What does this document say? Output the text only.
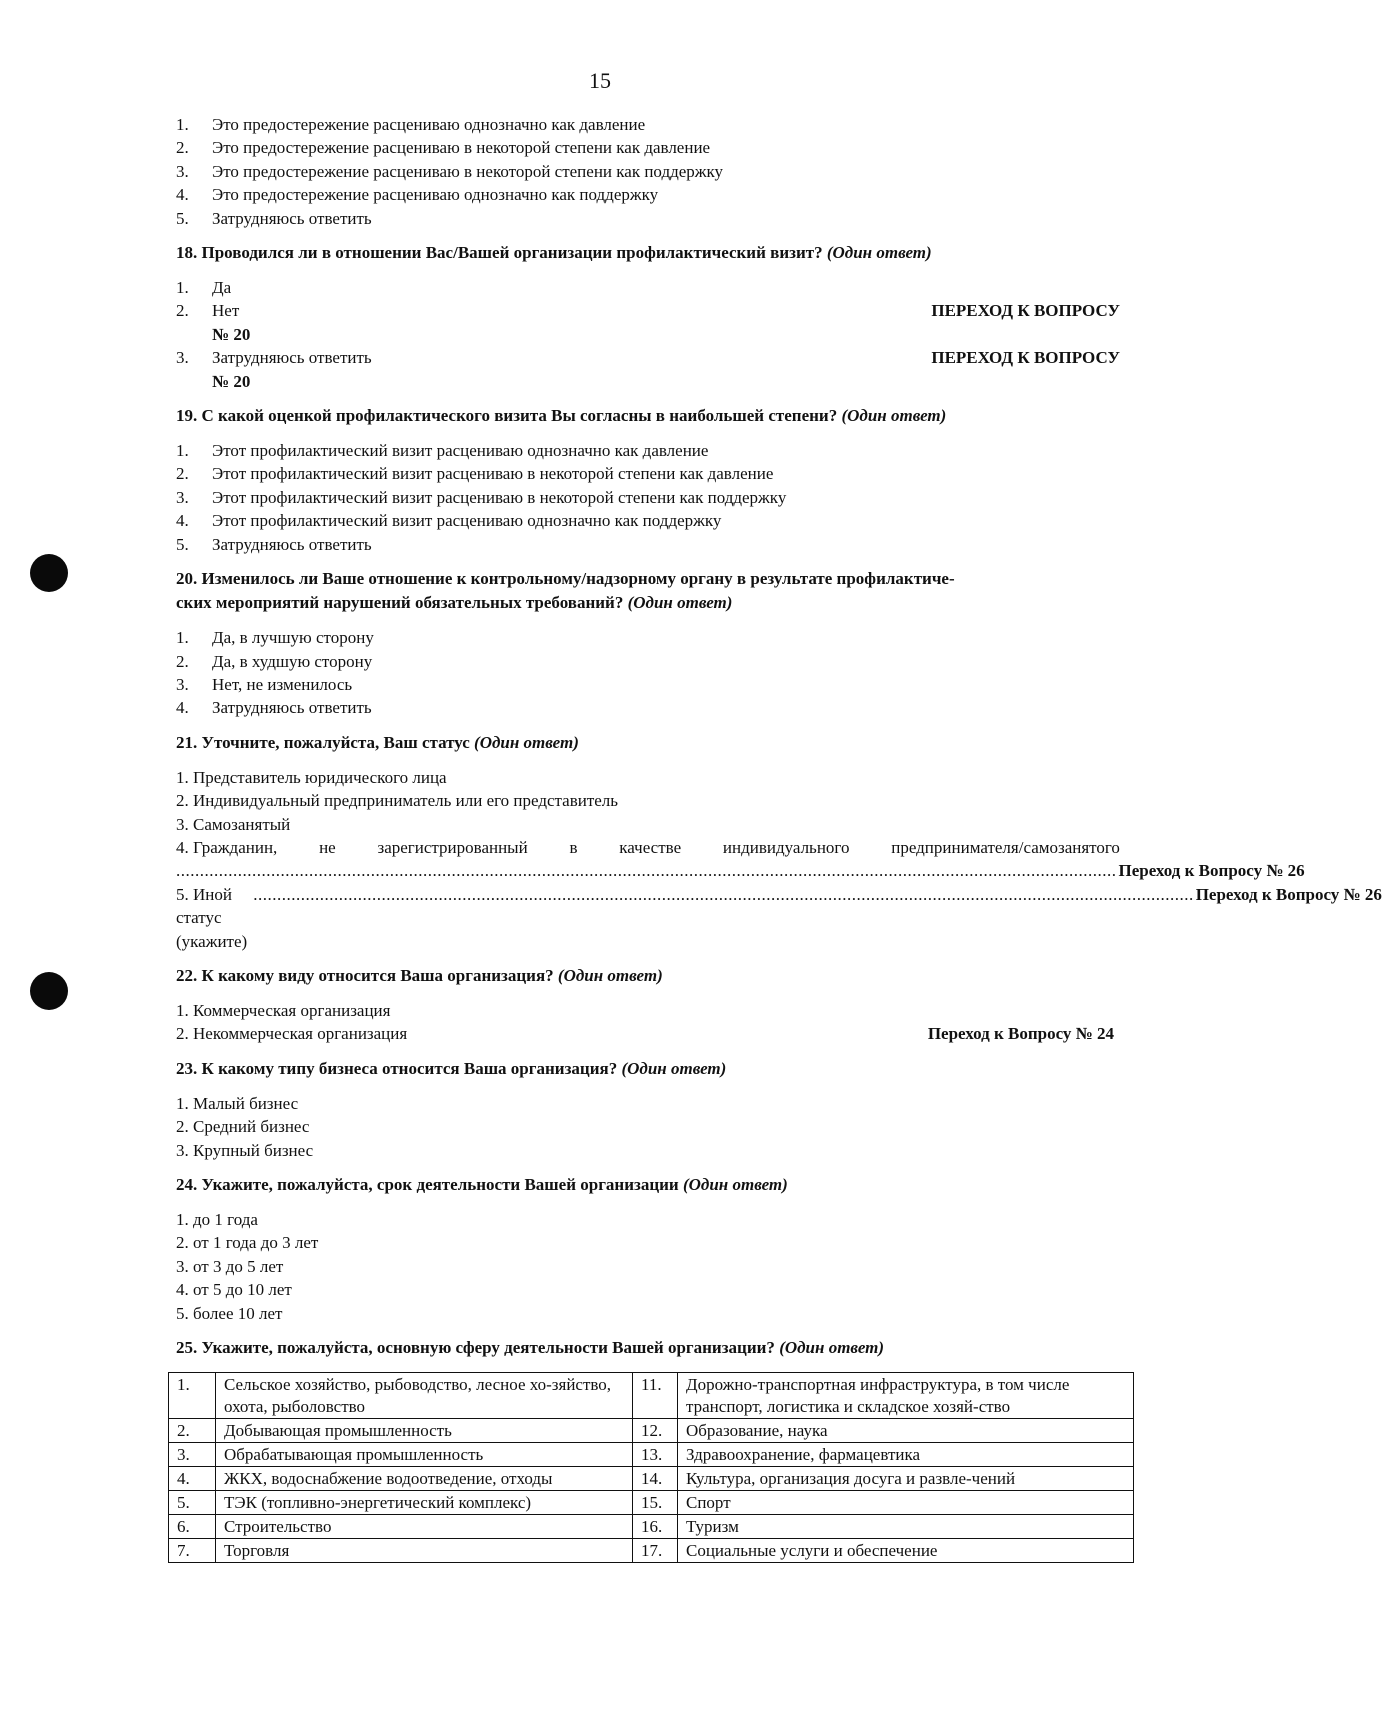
15
1.	Это предостережение расцениваю однозначно как давление
2.	Это предостережение расцениваю в некоторой степени как давление
3.	Это предостережение расцениваю в некоторой степени как поддержку
4.	Это предостережение расцениваю однозначно как поддержку
5.	Затрудняюсь ответить
18. Проводился ли в отношении Вас/Вашей организации профилактический визит? (Один ответ)
1.	Да
2.	Нет	ПЕРЕХОД К ВОПРОСУ
№ 20
3.	Затрудняюсь ответить	ПЕРЕХОД К ВОПРОСУ
№ 20
19. С какой оценкой профилактического визита Вы согласны в наибольшей степени? (Один ответ)
1.	Этот профилактический визит расцениваю однозначно как давление
2.	Этот профилактический визит расцениваю в некоторой степени как давление
3.	Этот профилактический визит расцениваю в некоторой степени как поддержку
4.	Этот профилактический визит расцениваю однозначно как поддержку
5.	Затрудняюсь ответить
20. Изменилось ли Ваше отношение к контрольному/надзорному органу в результате профилактиче-
ских мероприятий нарушений обязательных требований? (Один ответ)
1.	Да, в лучшую сторону
2.	Да, в худшую сторону
3.	Нет, не изменилось
4.	Затрудняюсь ответить
21. Уточните, пожалуйста, Ваш статус (Один ответ)
1. Представитель юридического лица
2. Индивидуальный предприниматель или его представитель
3. Самозанятый
4. Гражданин, не зарегистрированный в качестве индивидуального предпринимателя/самозанятого
...................................................................................................................................................................................................... Переход к Вопросу № 26
5. Иной статус (укажите)
...................................................................................................................................................................................................... Переход к Вопросу № 26
22. К какому виду относится Ваша организация? (Один ответ)
1. Коммерческая организация
2. Некоммерческая организация	Переход к Вопросу № 24
23. К какому типу бизнеса относится Ваша организация? (Один ответ)
1. Малый бизнес
2. Средний бизнес
3. Крупный бизнес
24. Укажите, пожалуйста, срок деятельности Вашей организации (Один ответ)
1. до 1 года
2. от 1 года до 3 лет
3. от 3 до 5 лет
4. от 5 до 10 лет
5. более 10 лет
25. Укажите, пожалуйста, основную сферу деятельности Вашей организации? (Один ответ)
1.	Сельское хозяйство, рыбоводство, лесное хо-зяйство, охота, рыболовство	11.	Дорожно-транспортная инфраструктура, в том числе транспорт, логистика и складское хозяй-ство
2.	Добывающая промышленность	12.	Образование, наука
3.	Обрабатывающая промышленность	13.	Здравоохранение, фармацевтика
4.	ЖКХ, водоснабжение водоотведение, отходы	14.	Культура, организация досуга и развле-чений
5.	ТЭК (топливно-энергетический комплекс)	15.	Спорт
6.	Строительство	16.	Туризм
7.	Торговля	17.	Социальные услуги и обеспечение
